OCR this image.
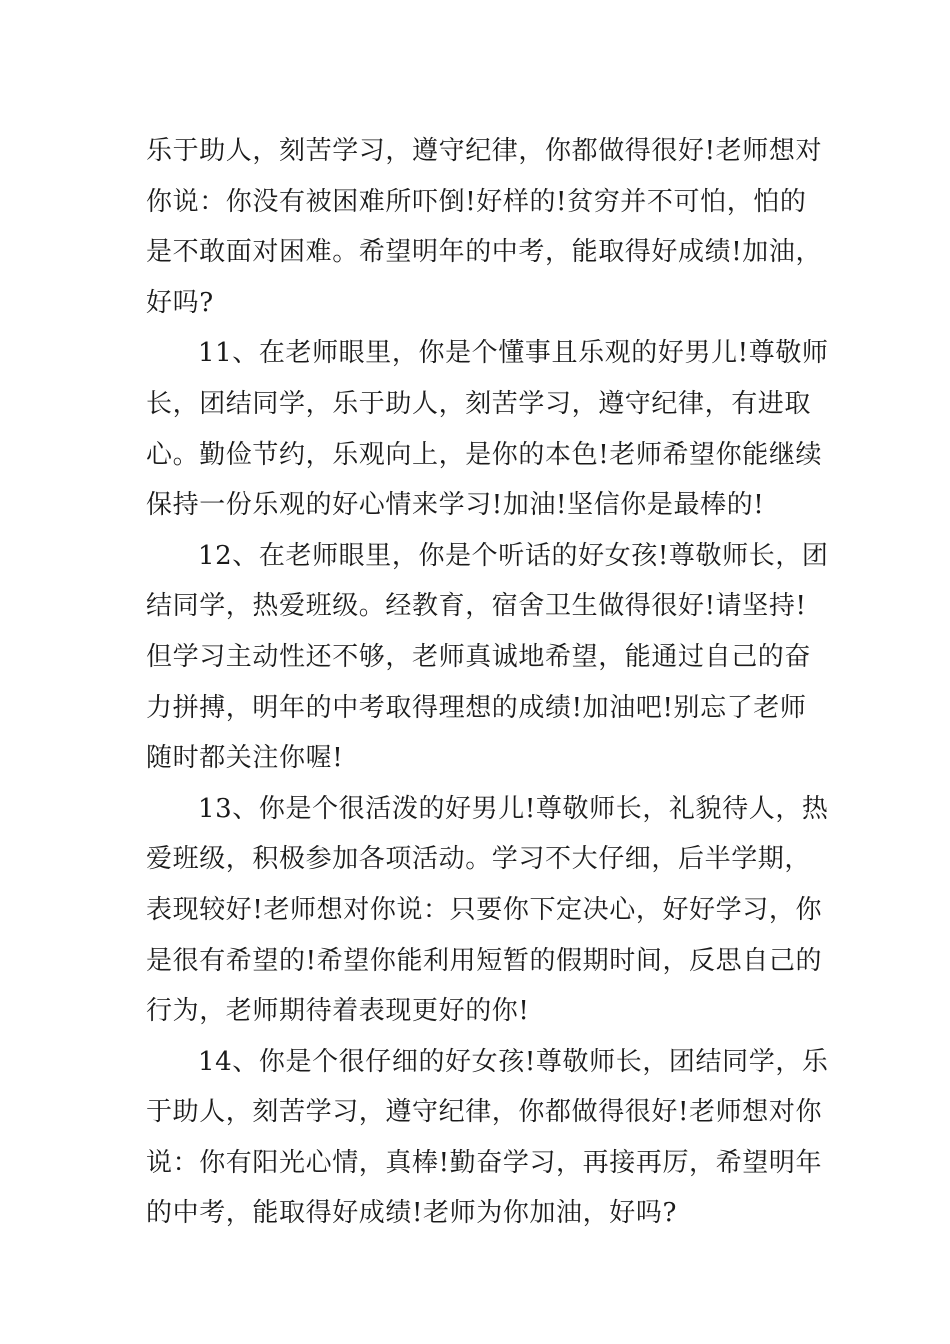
乐于助人，刻苦学习，遵守纪律，你都做得很好!老师想对
你说：你没有被困难所吓倒!好样的!贫穷并不可怕，怕的
是不敢面对困难。希望明年的中考，能取得好成绩!加油，
好吗?
11、在老师眼里，你是个懂事且乐观的好男儿!尊敬师
长，团结同学，乐于助人，刻苦学习，遵守纪律，有进取
心。勤俭节约，乐观向上，是你的本色!老师希望你能继续
保持一份乐观的好心情来学习!加油!坚信你是最棒的!
12、在老师眼里，你是个听话的好女孩!尊敬师长，团
结同学，热爱班级。经教育，宿舍卫生做得很好!请坚持!
但学习主动性还不够，老师真诚地希望，能通过自己的奋
力拼搏，明年的中考取得理想的成绩!加油吧!别忘了老师
随时都关注你喔!
13、你是个很活泼的好男儿!尊敬师长，礼貌待人，热
爱班级，积极参加各项活动。学习不大仔细，后半学期，
表现较好!老师想对你说：只要你下定决心，好好学习，你
是很有希望的!希望你能利用短暂的假期时间，反思自己的
行为，老师期待着表现更好的你!
14、你是个很仔细的好女孩!尊敬师长，团结同学，乐
于助人，刻苦学习，遵守纪律，你都做得很好!老师想对你
说：你有阳光心情，真棒!勤奋学习，再接再厉，希望明年
的中考，能取得好成绩!老师为你加油，好吗?
